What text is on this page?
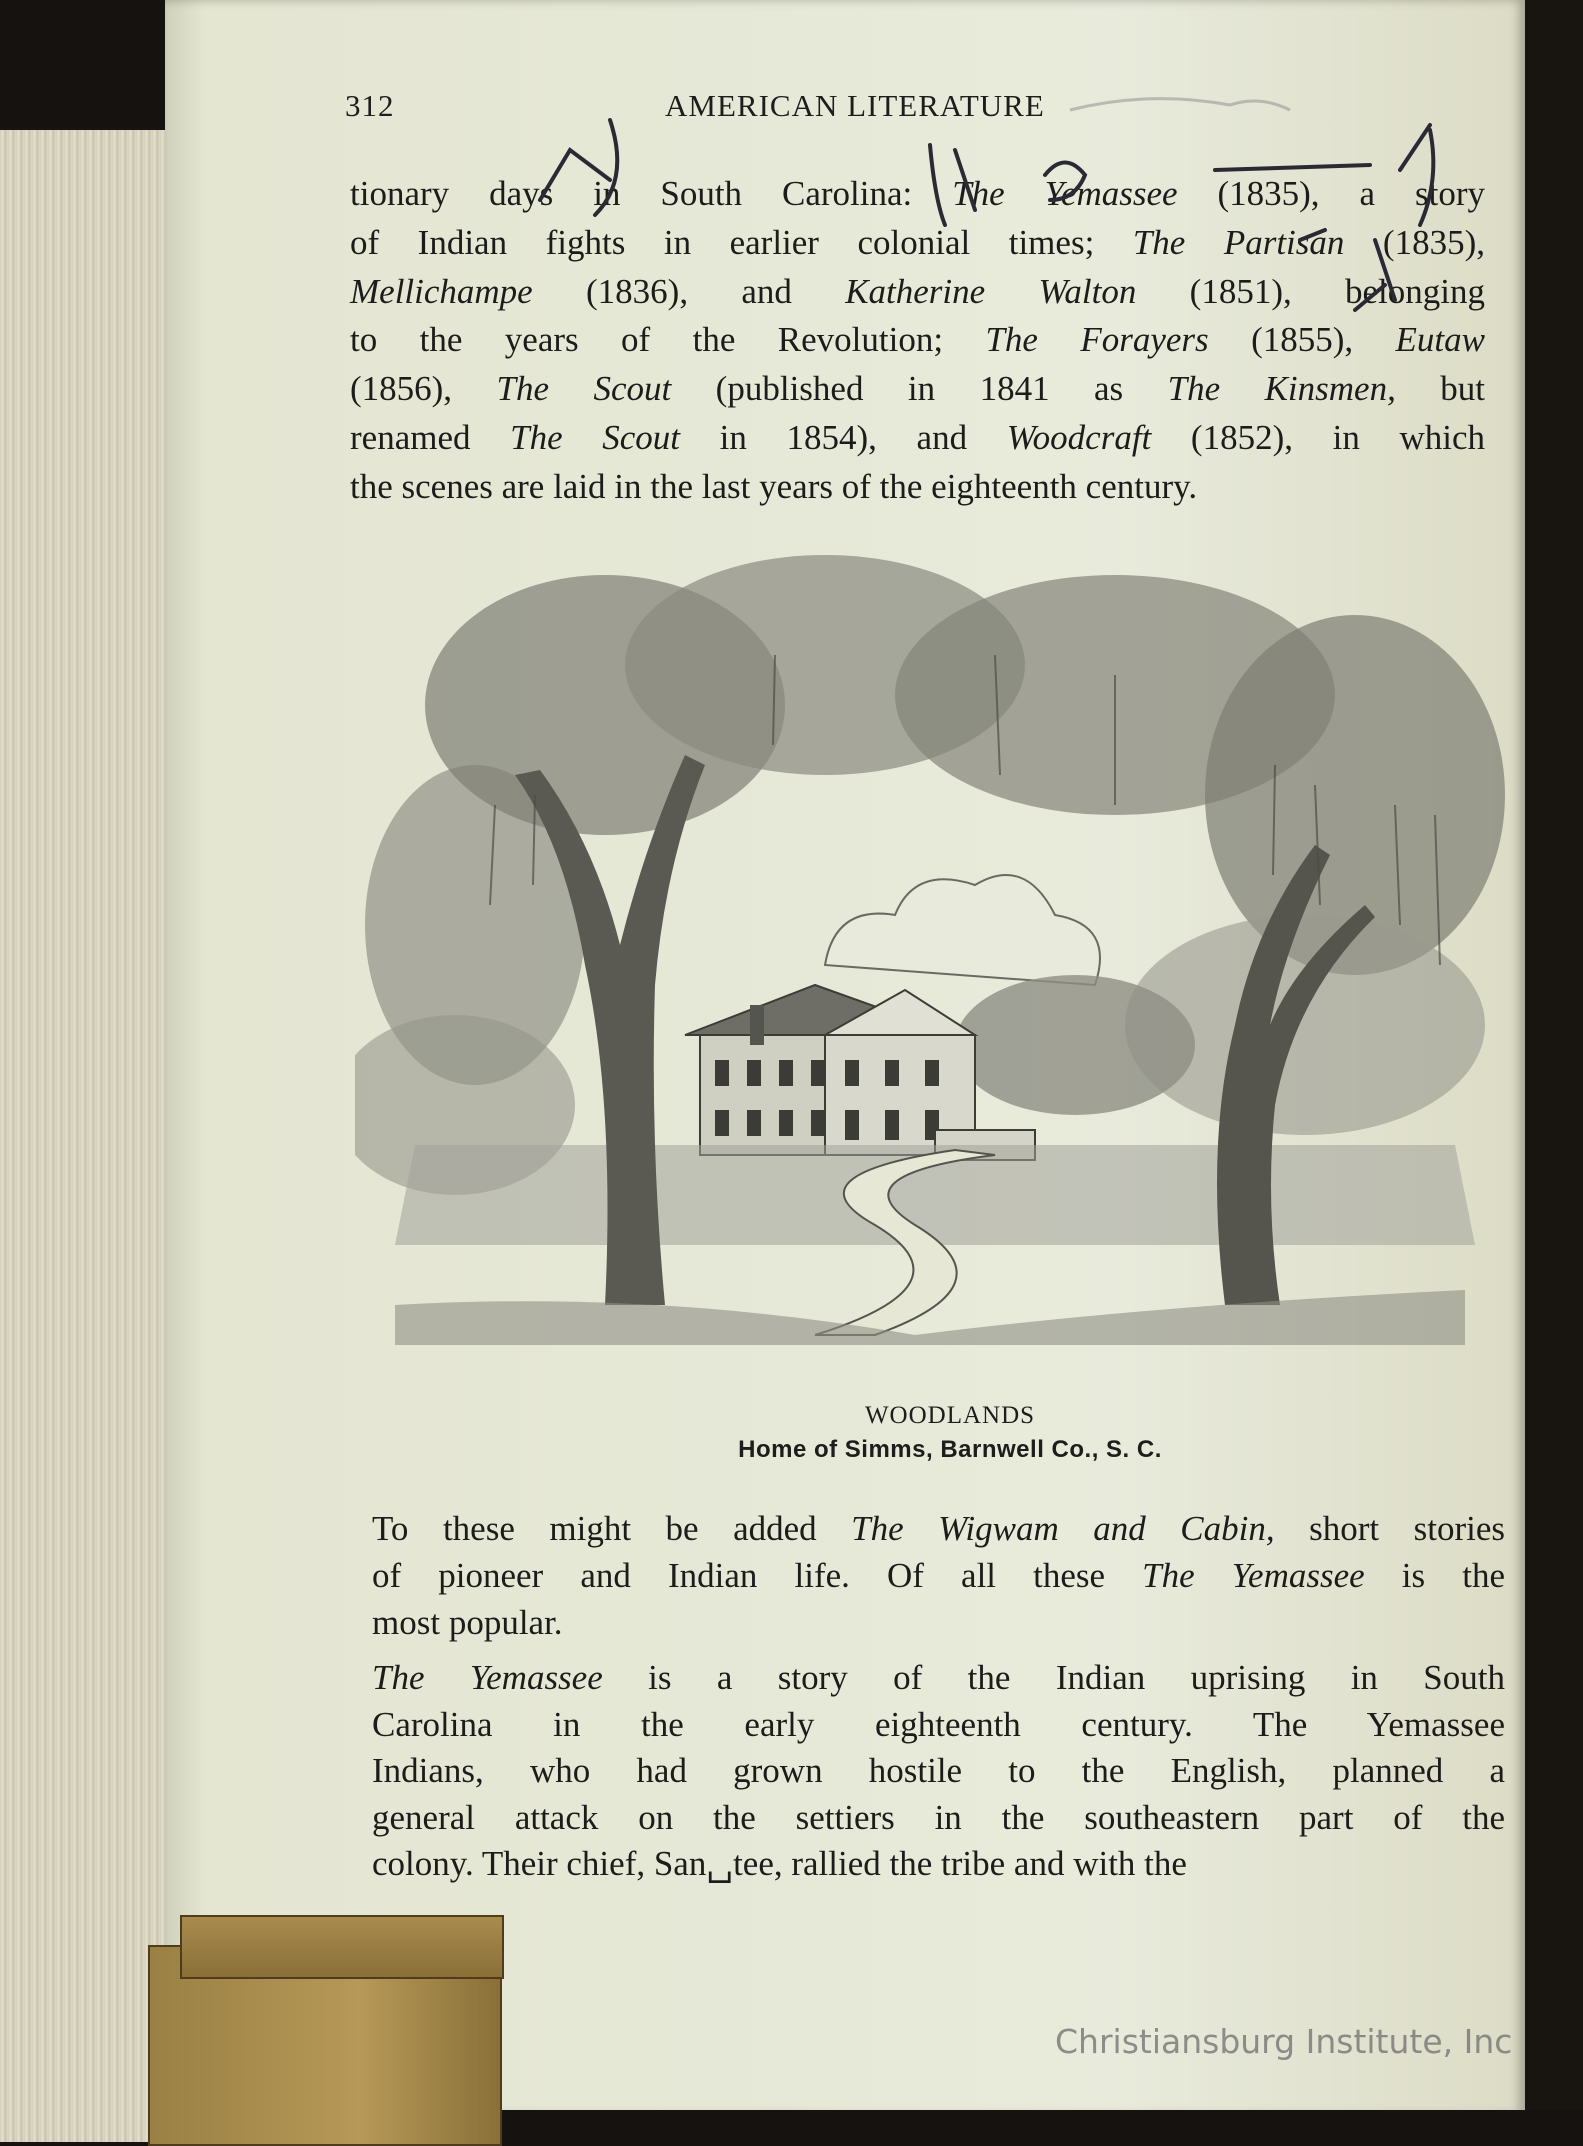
312	AMERICAN LITERATURE
tionary days in South Carolina: The Yemassee (1835), a story
of Indian fights in earlier colonial times; The Partisan (1835),
Mellichampe (1836), and Katherine Walton (1851), belonging
to the years of the Revolution; The Forayers (1855), Eutaw
(1856), The Scout (published in 1841 as The Kinsmen, but
renamed The Scout in 1854), and Woodcraft (1852), in which
the scenes are laid in the last years of the eighteenth century.
WOODLANDS
Home of Simms, Barnwell Co., S. C.
To these might be added The Wigwam and Cabin, short stories
of pioneer and Indian life. Of all these The Yemassee is the
most popular.
The Yemassee is a story of the Indian uprising in South
Carolina in the early eighteenth century. The Yemassee
Indians, who had grown hostile to the English, planned a
general attack on the settiers in the southeastern part of the
colony. Their chief, San␣tee, rallied the tribe and with the
Christiansburg Institute, Inc
